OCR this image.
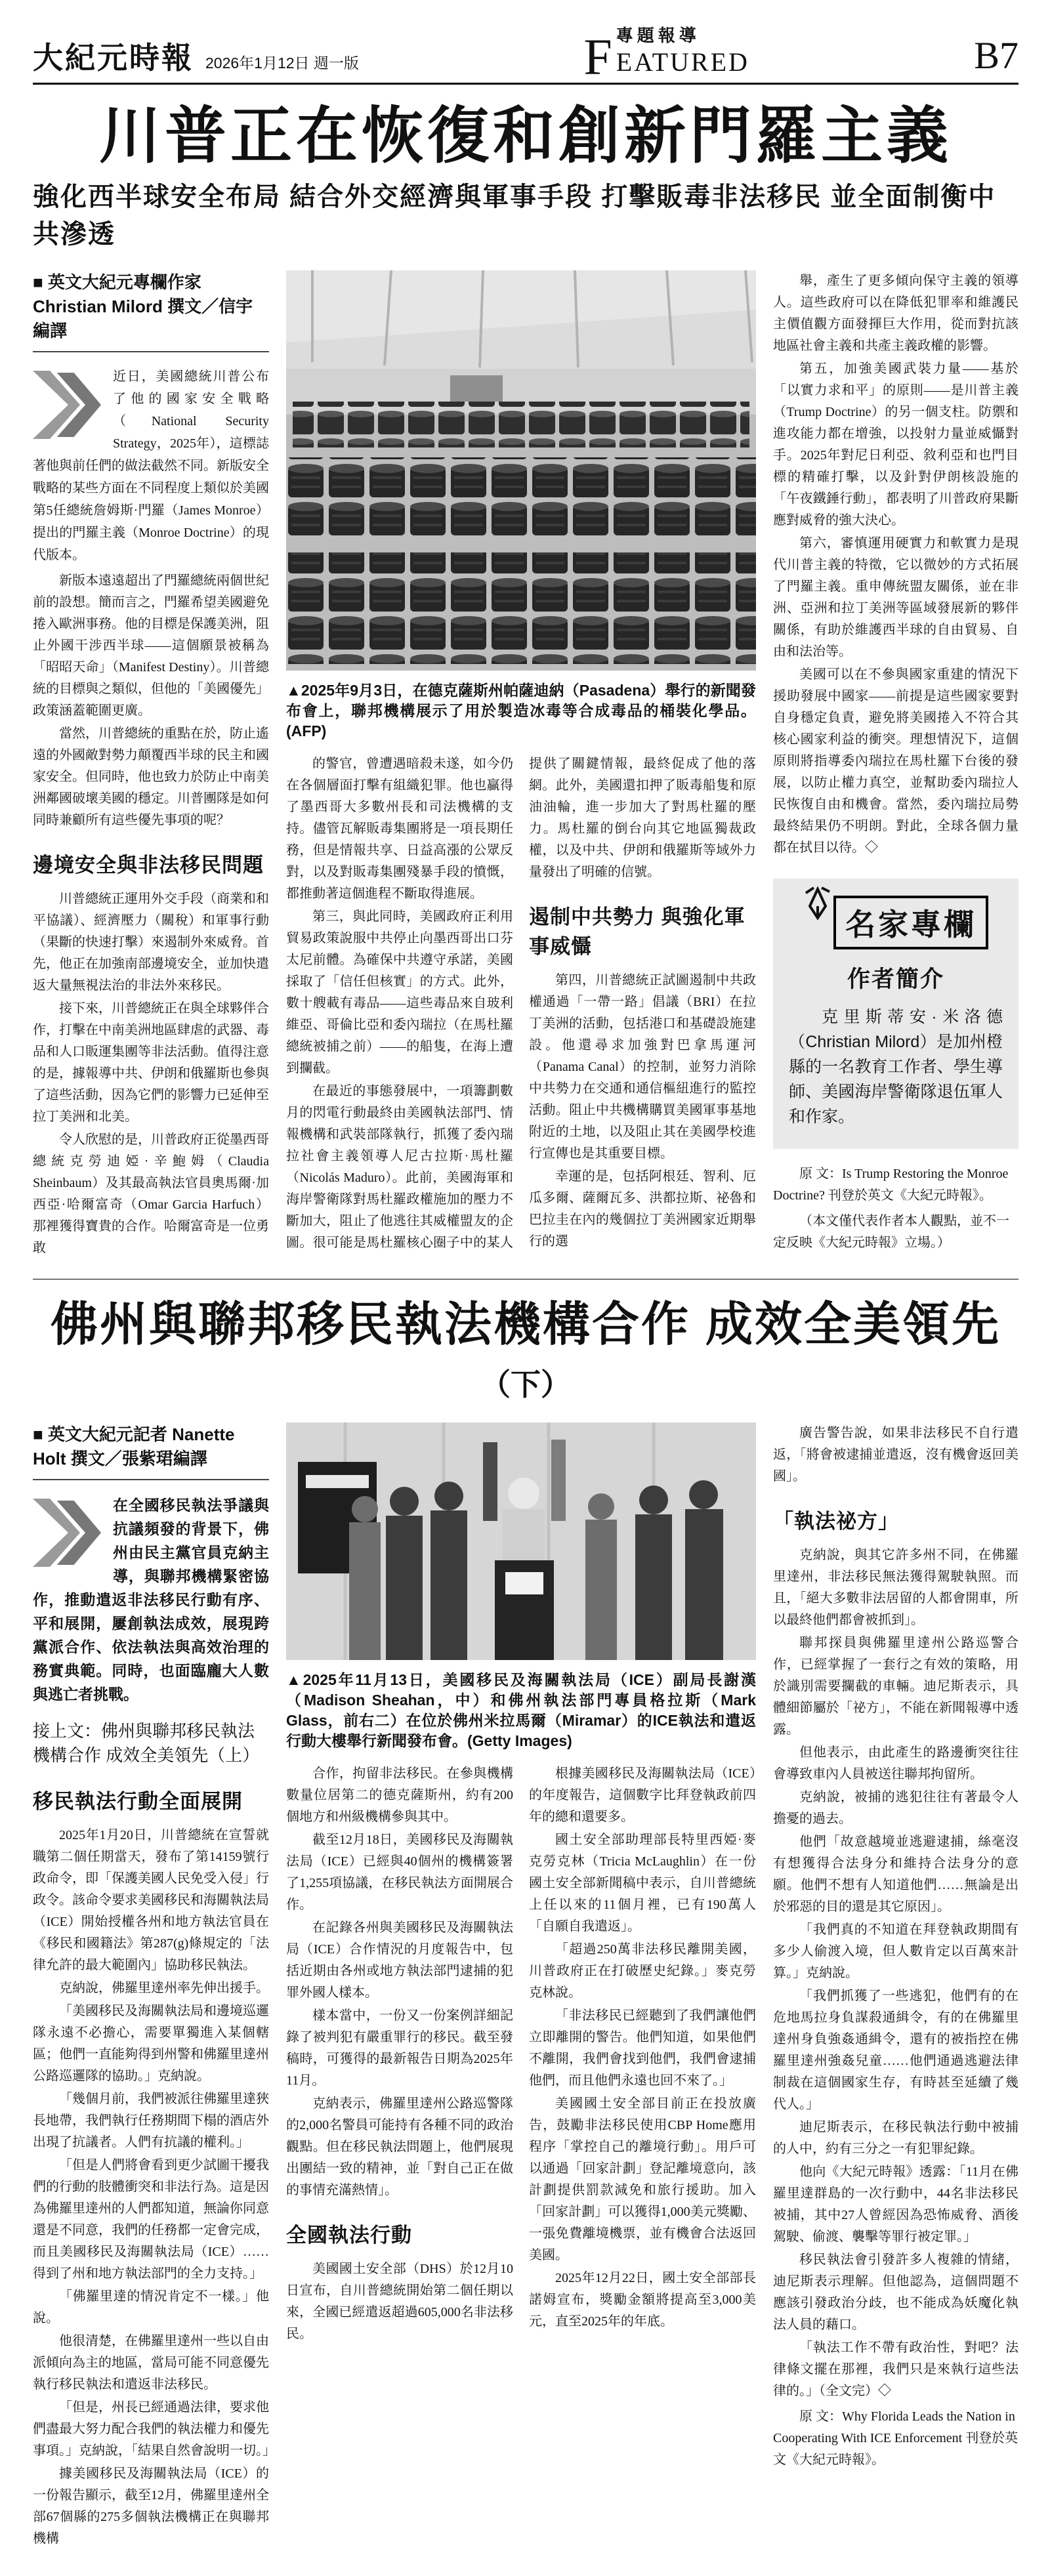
大紀元時報 2026年1月12日 週一版	F 專題報導
EATURED	B7
川普正在恢復和創新門羅主義
強化西半球安全布局 結合外交經濟與軍事手段 打擊販毒非法移民 並全面制衡中共滲透

■ 英文大紀元專欄作家 Christian Milord 撰文／信宇編譯

近日，美國總統川普公布了他的國家安全戰略（National Security Strategy，2025年），這標誌著他與前任們的做法截然不同。新版安全戰略的某些方面在不同程度上類似於美國第5任總統詹姆斯·門羅（James Monroe）提出的門羅主義（Monroe Doctrine）的現代版本。

新版本遠遠超出了門羅總統兩個世紀前的設想。簡而言之，門羅希望美國避免捲入歐洲事務。他的目標是保護美洲，阻止外國干涉西半球——這個願景被稱為「昭昭天命」（Manifest Destiny）。川普總統的目標與之類似，但他的「美國優先」政策涵蓋範圍更廣。

當然，川普總統的重點在於，防止遙遠的外國敵對勢力顛覆西半球的民主和國家安全。但同時，他也致力於防止中南美洲鄰國破壞美國的穩定。川普團隊是如何同時兼顧所有這些優先事項的呢？

邊境安全與非法移民問題

川普總統正運用外交手段（商業和和平協議）、經濟壓力（關稅）和軍事行動（果斷的快速打擊）來遏制外來威脅。首先，他正在加強南部邊境安全，並加快遣返大量無視法治的非法外來移民。

接下來，川普總統正在與全球夥伴合作，打擊在中南美洲地區肆虐的武器、毒品和人口販運集團等非法活動。值得注意的是，據報導中共、伊朗和俄羅斯也參與了這些活動，因為它們的影響力已延伸至拉丁美洲和北美。

令人欣慰的是，川普政府正從墨西哥總統克勞迪婭·辛鮑姆（Claudia Sheinbaum）及其最高執法官員奧馬爾·加西亞·哈爾富奇（Omar Garcia Harfuch）那裡獲得寶貴的合作。哈爾富奇是一位勇敢

▲2025年9月3日，在德克薩斯州帕薩迪納（Pasadena）舉行的新聞發布會上，聯邦機構展示了用於製造冰毒等合成毒品的桶裝化學品。(AFP)

的警官，曾遭遇暗殺未遂，如今仍在各個層面打擊有組織犯罪。他也贏得了墨西哥大多數州長和司法機構的支持。儘管瓦解販毒集團將是一項長期任務，但是情報共享、日益高漲的公眾反對，以及對販毒集團殘暴手段的憤慨，都推動著這個進程不斷取得進展。

第三，與此同時，美國政府正利用貿易政策說服中共停止向墨西哥出口芬太尼前體。為確保中共遵守承諾，美國採取了「信任但核實」的方式。此外，數十艘載有毒品——這些毒品來自玻利維亞、哥倫比亞和委內瑞拉（在馬杜羅總統被捕之前）——的船隻，在海上遭到攔截。

在最近的事態發展中，一項籌劃數月的閃電行動最終由美國執法部門、情報機構和武裝部隊執行，抓獲了委內瑞拉社會主義領導人尼古拉斯·馬杜羅（Nicolás Maduro）。此前，美國海軍和海岸警衛隊對馬杜羅政權施加的壓力不斷加大，阻止了他逃往其威權盟友的企圖。很可能是馬杜羅核心圈子中的某人提供了關鍵情報，最終促成了他的落網。此外，美國還扣押了販毒船隻和原油油輪，進一步加大了對馬杜羅的壓力。馬杜羅的倒台向其它地區獨裁政權，以及中共、伊朗和俄羅斯等域外力量發出了明確的信號。

遏制中共勢力 與強化軍事威懾

第四，川普總統正試圖遏制中共政權通過「一帶一路」倡議（BRI）在拉丁美洲的活動，包括港口和基礎設施建設。他還尋求加強對巴拿馬運河（Panama Canal）的控制，並努力消除中共勢力在交通和通信樞紐進行的監控活動。阻止中共機構購買美國軍事基地附近的土地，以及阻止其在美國學校進行宣傳也是其重要目標。

幸運的是，包括阿根廷、智利、厄瓜多爾、薩爾瓦多、洪都拉斯、祕魯和巴拉圭在內的幾個拉丁美洲國家近期舉行的選

舉，產生了更多傾向保守主義的領導人。這些政府可以在降低犯罪率和維護民主價值觀方面發揮巨大作用，從而對抗該地區社會主義和共產主義政權的影響。

第五，加強美國武裝力量——基於「以實力求和平」的原則——是川普主義（Trump Doctrine）的另一個支柱。防禦和進攻能力都在增強，以投射力量並威懾對手。2025年對尼日利亞、敘利亞和也門目標的精確打擊，以及針對伊朗核設施的「午夜鐵錘行動」，都表明了川普政府果斷應對威脅的強大決心。

第六，審慎運用硬實力和軟實力是現代川普主義的特徵，它以微妙的方式拓展了門羅主義。重申傳統盟友關係，並在非洲、亞洲和拉丁美洲等區域發展新的夥伴關係，有助於維護西半球的自由貿易、自由和法治等。

美國可以在不參與國家重建的情況下援助發展中國家——前提是這些國家要對自身穩定負責，避免將美國捲入不符合其核心國家利益的衝突。理想情況下，這個原則將指導委內瑞拉在馬杜羅下台後的發展，以防止權力真空，並幫助委內瑞拉人民恢復自由和機會。當然，委內瑞拉局勢最終結果仍不明朗。對此，全球各個力量都在拭目以待。◇

名家專欄

作者簡介

克里斯蒂安·米洛德（Christian Milord）是加州橙縣的一名教育工作者、學生導師、美國海岸警衛隊退伍軍人和作家。

原 文：Is Trump Restoring the Monroe Doctrine? 刊登於英文《大紀元時報》。

（本文僅代表作者本人觀點，並不一定反映《大紀元時報》立場。）

佛州與聯邦移民執法機構合作 成效全美領先（下）

■ 英文大紀元記者 Nanette Holt 撰文／張紫珺編譯

在全國移民執法爭議與抗議頻發的背景下，佛州由民主黨官員克納主導，與聯邦機構緊密協作，推動遣返非法移民行動有序、平和展開，屢創執法成效，展現跨黨派合作、依法執法與高效治理的務實典範。同時，也面臨龐大人數與逃亡者挑戰。

接上文：佛州與聯邦移民執法機構合作 成效全美領先（上）

移民執法行動全面展開

2025年1月20日，川普總統在宣誓就職第二個任期當天，發布了第14159號行政命令，即「保護美國人民免受入侵」行政令。該命令要求美國移民和海關執法局（ICE）開始授權各州和地方執法官員在《移民和國籍法》第287(g)條規定的「法律允許的最大範圍內」協助移民執法。

克納說，佛羅里達州率先伸出援手。

「美國移民及海關執法局和邊境巡邏隊永遠不必擔心，需要單獨進入某個轄區；他們一直能夠得到州警和佛羅里達州公路巡邏隊的協助。」克納說。

「幾個月前，我們被派往佛羅里達狹長地帶，我們執行任務期間下榻的酒店外出現了抗議者。人們有抗議的權利。」

「但是人們將會看到更少試圖干擾我們的行動的肢體衝突和非法行為。這是因為佛羅里達州的人們都知道，無論你同意還是不同意，我們的任務都一定會完成，而且美國移民及海關執法局（ICE）……得到了州和地方執法部門的全力支持。」

「佛羅里達的情況肯定不一樣。」他說。

他很清楚，在佛羅里達州一些以自由派傾向為主的地區，當局可能不同意優先執行移民執法和遣返非法移民。

「但是，州長已經通過法律，要求他們盡最大努力配合我們的執法權力和優先事項。」克納說，「結果自然會說明一切。」

據美國移民及海關執法局（ICE）的一份報告顯示，截至12月，佛羅里達州全部67個縣的275多個執法機構正在與聯邦機構

▲2025年11月13日，美國移民及海關執法局（ICE）副局長謝漢（Madison Sheahan，中）和佛州執法部門專員格拉斯（Mark Glass，前右二）在位於佛州米拉馬爾（Miramar）的ICE執法和遣返行動大樓舉行新聞發布會。(Getty Images)

合作，拘留非法移民。在參與機構數量位居第二的德克薩斯州，約有200個地方和州級機構參與其中。

截至12月18日，美國移民及海關執法局（ICE）已經與40個州的機構簽署了1,255項協議，在移民執法方面開展合作。

在記錄各州與美國移民及海關執法局（ICE）合作情況的月度報告中，包括近期由各州或地方執法部門逮捕的犯罪外國人樣本。

樣本當中，一份又一份案例詳細記錄了被判犯有嚴重罪行的移民。截至發稿時，可獲得的最新報告日期為2025年11月。

克納表示，佛羅里達州公路巡警隊的2,000名警員可能持有各種不同的政治觀點。但在移民執法問題上，他們展現出團結一致的精神，並「對自己正在做的事情充滿熱情」。

全國執法行動

美國國土安全部（DHS）於12月10日宣布，自川普總統開始第二個任期以來，全國已經遣返超過605,000名非法移民。

根據美國移民及海關執法局（ICE）的年度報告，這個數字比拜登執政前四年的總和還要多。

國土安全部助理部長特里西婭·麥克勞克林（Tricia McLaughlin）在一份國土安全部新聞稿中表示，自川普總統上任以來的11個月裡，已有190萬人「自願自我遣返」。

「超過250萬非法移民離開美國，川普政府正在打破歷史紀錄。」麥克勞克林說。

「非法移民已經聽到了我們讓他們立即離開的警告。他們知道，如果他們不離開，我們會找到他們，我們會逮捕他們，而且他們永遠也回不來了。」

美國國土安全部目前正在投放廣告，鼓勵非法移民使用CBP Home應用程序「掌控自己的離境行動」。用戶可以通過「回家計劃」登記離境意向，該計劃提供罰款減免和旅行援助。加入「回家計劃」可以獲得1,000美元獎勵、一張免費離境機票，並有機會合法返回美國。

2025年12月22日，國土安全部部長諾姆宣布，獎勵金額將提高至3,000美元，直至2025年的年底。

廣告警告說，如果非法移民不自行遣返，「將會被逮捕並遣返，沒有機會返回美國」。

「執法祕方」

克納說，與其它許多州不同，在佛羅里達州，非法移民無法獲得駕駛執照。而且，「絕大多數非法居留的人都會開車，所以最終他們都會被抓到」。

聯邦探員與佛羅里達州公路巡警合作，已經掌握了一套行之有效的策略，用於識別需要攔截的車輛。迪尼斯表示，具體細節屬於「祕方」，不能在新聞報導中透露。

但他表示，由此產生的路邊衝突往往會導致車內人員被送往聯邦拘留所。

克納說，被捕的逃犯往往有著最令人擔憂的過去。

他們「故意越境並逃避逮捕，絲毫沒有想獲得合法身分和維持合法身分的意願。他們不想有人知道他們……無論是出於邪惡的目的還是其它原因」。

「我們真的不知道在拜登執政期間有多少人偷渡入境，但人數肯定以百萬來計算。」克納說。

「我們抓獲了一些逃犯，他們有的在危地馬拉身負謀殺通緝令，有的在佛羅里達州身負強姦通緝令，還有的被指控在佛羅里達州強姦兒童……他們通過逃避法律制裁在這個國家生存，有時甚至延續了幾代人。」

迪尼斯表示，在移民執法行動中被捕的人中，約有三分之一有犯罪紀錄。

他向《大紀元時報》透露：「11月在佛羅里達群島的一次行動中，44名非法移民被捕，其中27人曾經因為恐怖威脅、酒後駕駛、偷渡、襲擊等罪行被定罪。」

移民執法會引發許多人複雜的情緒，迪尼斯表示理解。但他認為，這個問題不應該引發政治分歧，也不能成為妖魔化執法人員的藉口。

「執法工作不帶有政治性，對吧？法律條文擺在那裡，我們只是來執行這些法律的。」（全文完）◇

原 文：Why Florida Leads the Nation in Cooperating With ICE Enforcement 刊登於英文《大紀元時報》。
